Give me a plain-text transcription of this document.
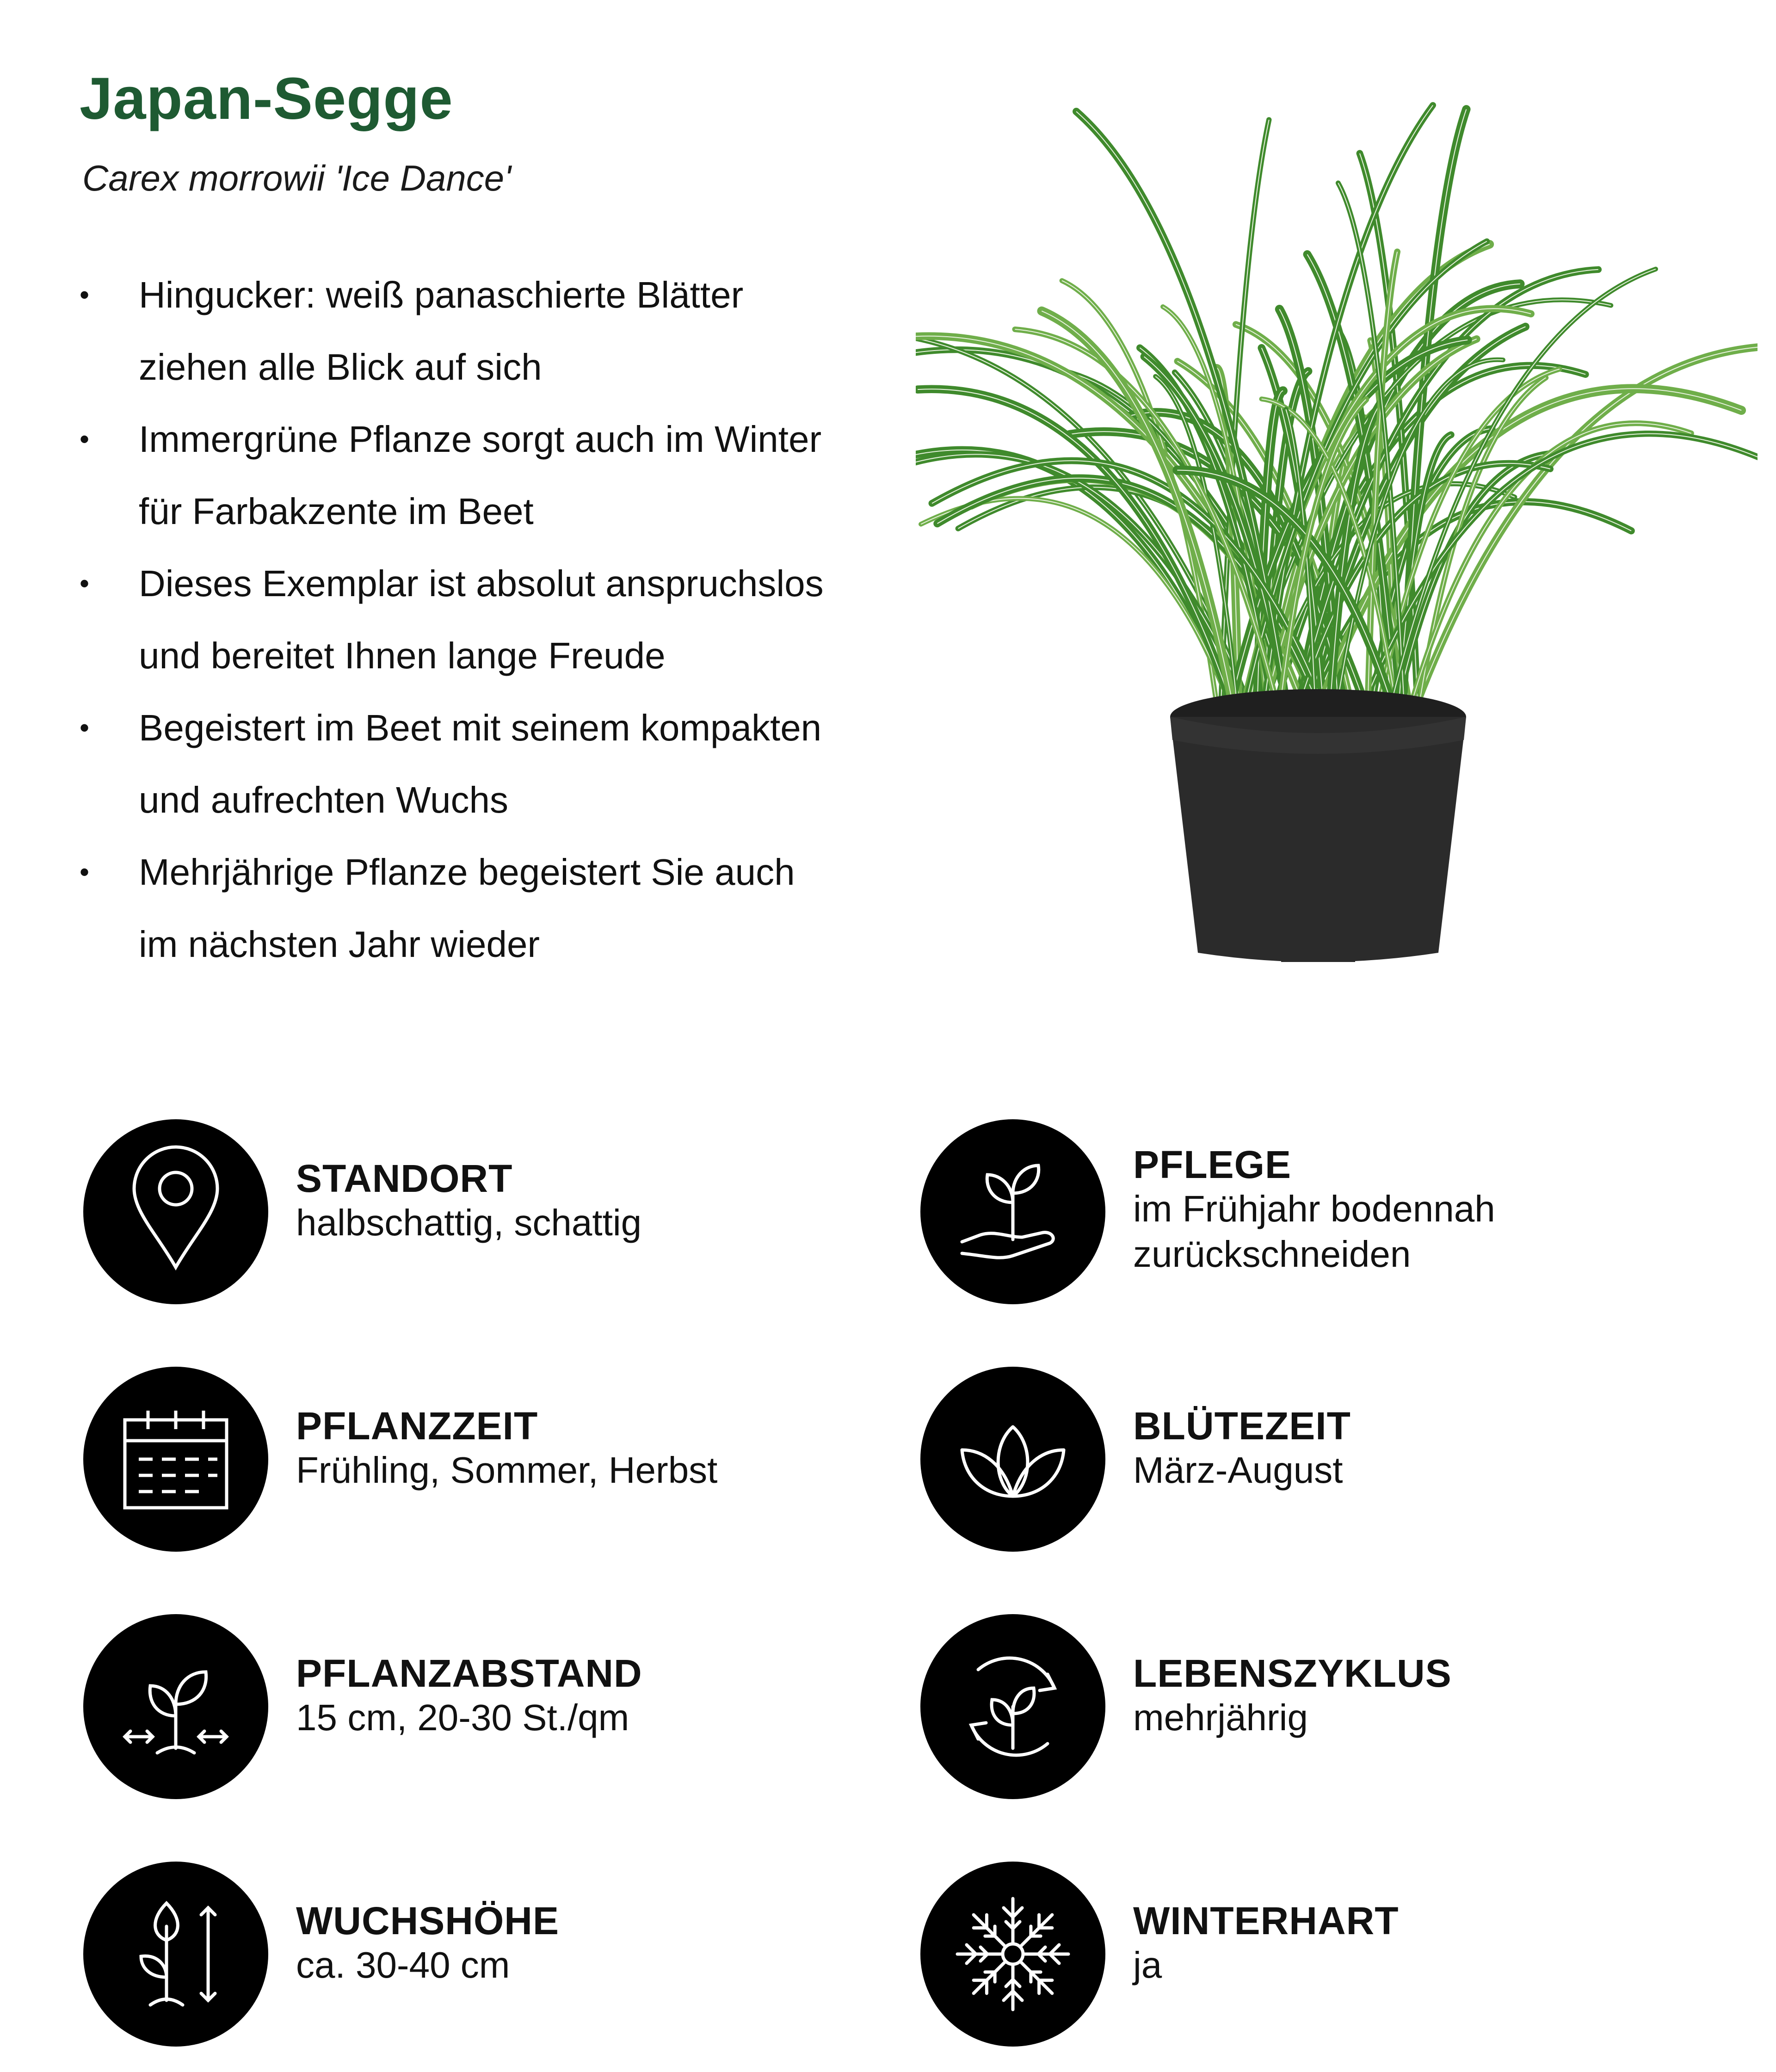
Japan-Segge
Carex morrowii 'Ice Dance'
• Hingucker: weiß panaschierte Blätter
ziehen alle Blick auf sich
• Immergrüne Pflanze sorgt auch im Winter
für Farbakzente im Beet
• Dieses Exemplar ist absolut anspruchslos
und bereitet Ihnen lange Freude
• Begeistert im Beet mit seinem kompakten
und aufrechten Wuchs
• Mehrjährige Pflanze begeistert Sie auch
im nächsten Jahr wieder
STANDORT
halbschattig, schattig
PFLEGE
im Frühjahr bodennah
zurückschneiden
PFLANZZEIT
Frühling, Sommer, Herbst
BLÜTEZEIT
März-August
PFLANZABSTAND
15 cm, 20-30 St./qm
LEBENSZYKLUS
mehrjährig
WUCHSHÖHE
ca. 30-40 cm
WINTERHART
ja
